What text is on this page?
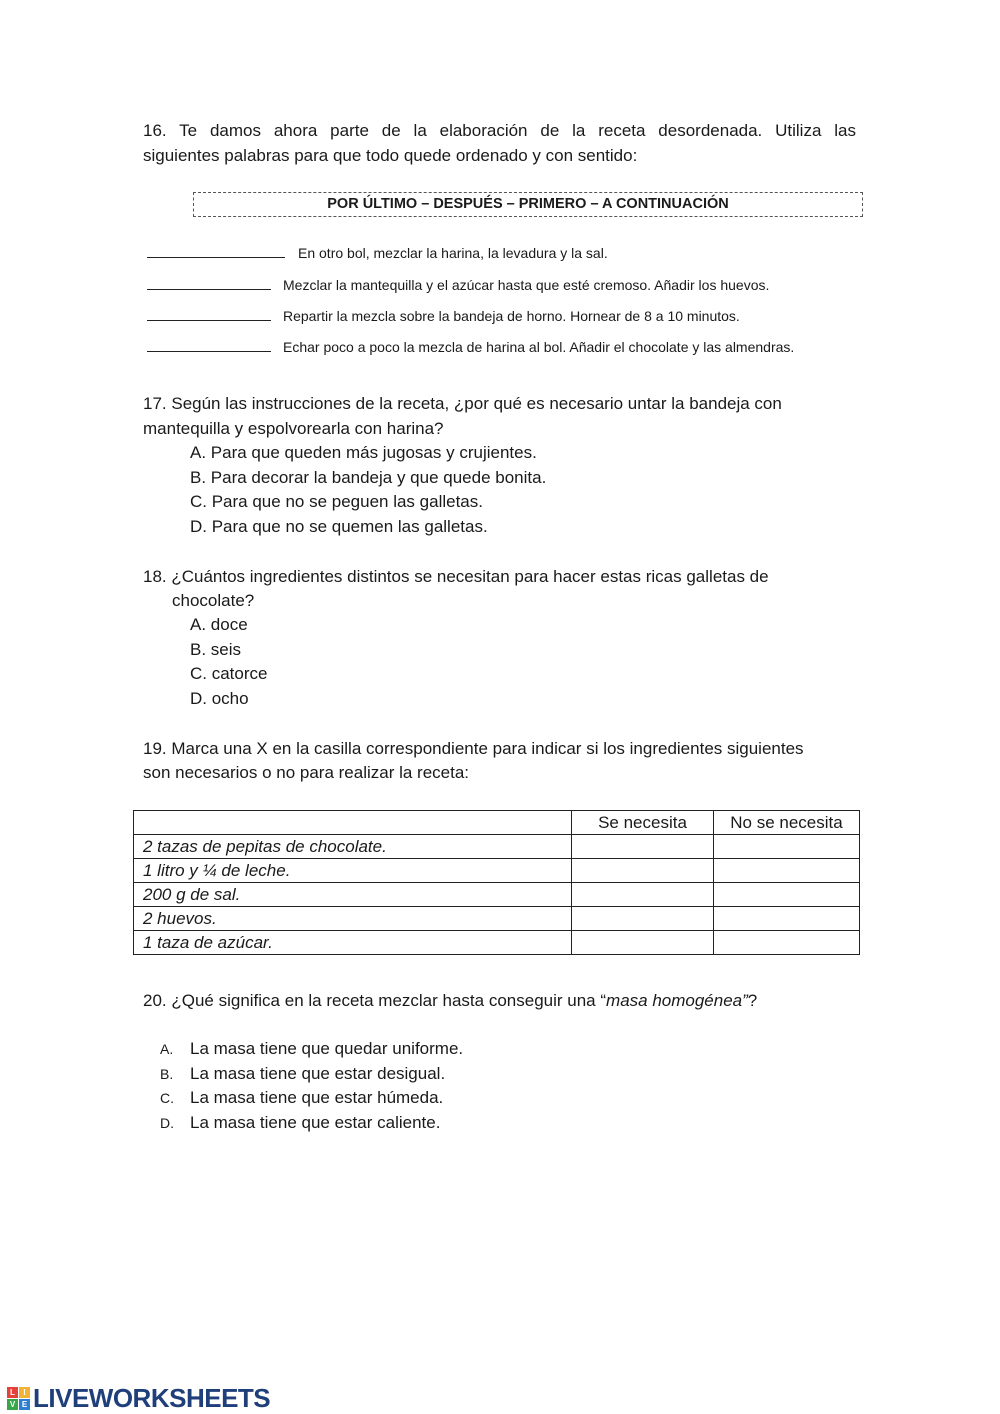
16. Te damos ahora parte de la elaboración de la receta desordenada. Utiliza las
siguientes palabras para que todo quede ordenado y con sentido:
POR ÚLTIMO – DESPUÉS – PRIMERO – A CONTINUACIÓN
En otro bol, mezclar la harina, la levadura y la sal.
Mezclar la mantequilla y el azúcar hasta que esté cremoso. Añadir los huevos.
Repartir la mezcla sobre la bandeja de horno. Hornear de 8 a 10 minutos.
Echar poco a poco la mezcla de harina al bol. Añadir el chocolate y las almendras.
17. Según las instrucciones de la receta, ¿por qué es necesario untar la bandeja con
mantequilla y espolvorearla con harina?
A. Para que queden más jugosas y crujientes.
B. Para decorar la bandeja y que quede bonita.
C. Para que no se peguen las galletas.
D. Para que no se quemen las galletas.
18. ¿Cuántos ingredientes distintos se necesitan para hacer estas ricas galletas de
chocolate?
A. doce
B. seis
C. catorce
D. ocho
19. Marca una X en la casilla correspondiente para indicar si los ingredientes siguientes
son necesarios o no para realizar la receta:
	Se necesita	No se necesita
2 tazas de pepitas de chocolate.		
1 litro y ¼ de leche.		
200 g de sal.		
2 huevos.		
1 taza de azúcar.		
20. ¿Qué significa en la receta mezclar hasta conseguir una “masa homogénea”?
A. La masa tiene que quedar uniforme.
B. La masa tiene que estar desigual.
C. La masa tiene que estar húmeda.
D. La masa tiene que estar caliente.
L	I
V E LIVEWORKSHEETS
